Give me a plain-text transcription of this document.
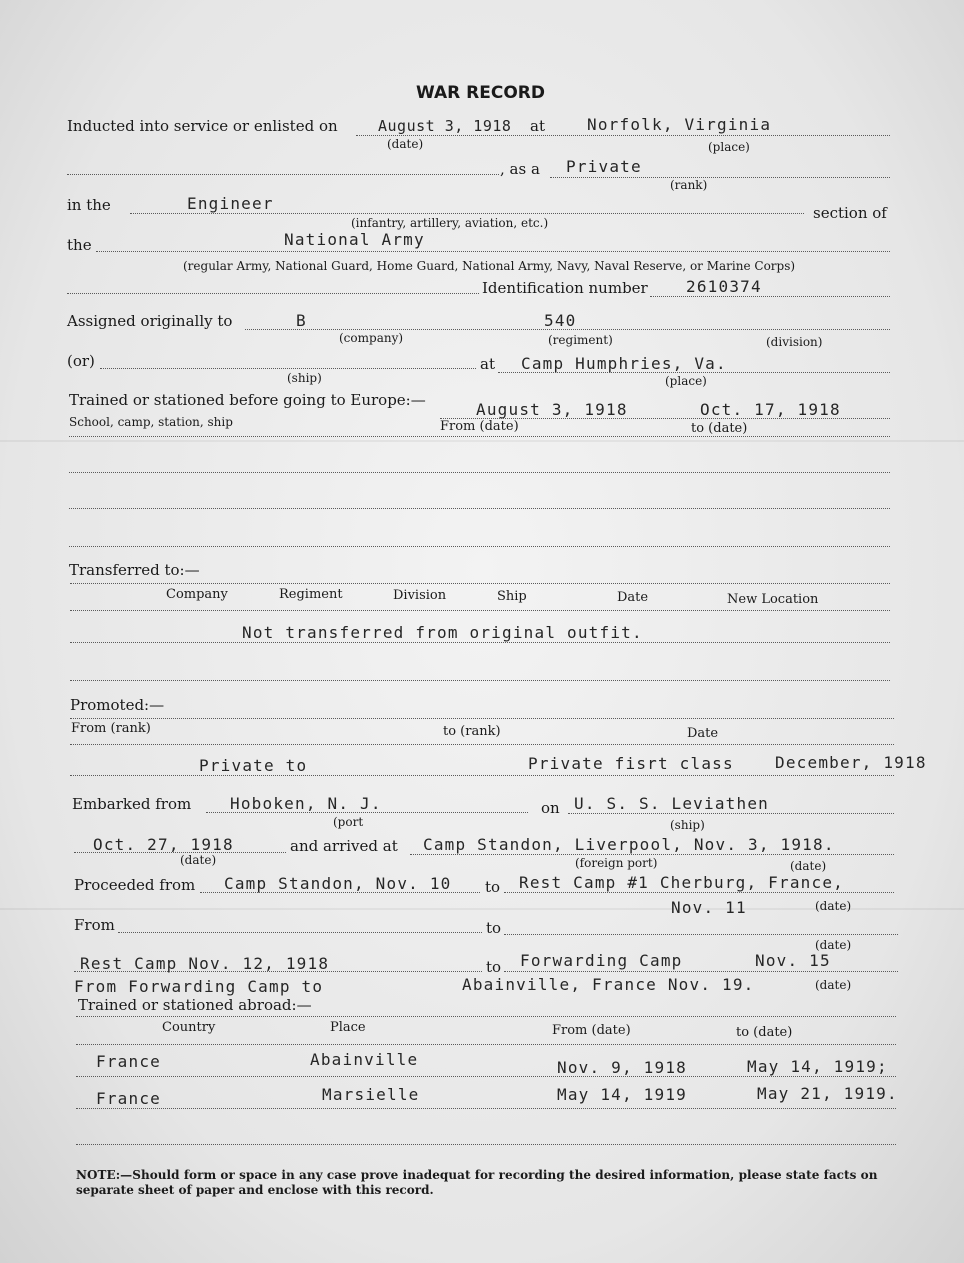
WAR RECORD
Inducted into service or enlisted on	August 3, 1918 at	Norfolk, Virginia
(date)	(place)
, as a Private
(rank)
in the	Engineer	section of
(infantry, artillery, aviation, etc.)
the	National Army
(regular Army, National Guard, Home Guard, National Army, Navy, Naval Reserve, or Marine Corps)
Identification number 2610374
Assigned originally to	B	540
(company)	(regiment)	(division)
(or)	at Camp Humphries, Va.
(ship)	(place)
Trained or stationed before going to Europe:—	August 3, 1918	Oct. 17, 1918
School, camp, station, ship	From (date)	to (date)
Transferred to:—
Company	Regiment	Division	Ship	Date	New Location
Not transferred from original outfit.
Promoted:—
From (rank)	to (rank)	Date
Private to	Private fisrt class	December, 1918
Embarked from Hoboken, N. J.	on U. S. S. Leviathen
(port	(ship)
Oct. 27, 1918	and arrived at Camp Standon, Liverpool, Nov. 3, 1918.
(date)	(foreign port)	(date)
Proceeded from Camp Standon, Nov. 10 to Rest Camp #1 Cherburg, France,
Nov. 11	(date)
From	to
(date)
Rest Camp Nov. 12, 1918	to Forwarding Camp	Nov. 15
From Forwarding Camp to	Abainville, France Nov. 19.	(date)
Trained or stationed abroad:—
Country	Place	From (date)	to (date)
France	Abainville	Nov. 9, 1918	May 14, 1919;
France	Marsielle	May 14, 1919	May 21, 1919.
NOTE:—Should form or space in any case prove inadequat for recording the desired information, please state facts on
separate sheet of paper and enclose with this record.
